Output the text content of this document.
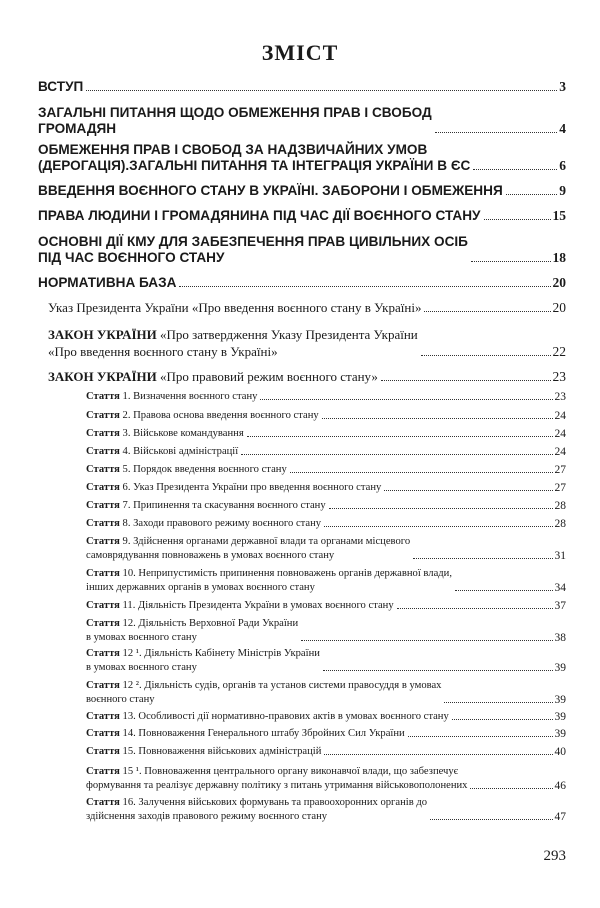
ЗМІСТ
ВСТУП	3
ЗАГАЛЬНІ ПИТАННЯ ЩОДО ОБМЕЖЕННЯ ПРАВ І СВОБОД
ГРОМАДЯН	4
ОБМЕЖЕННЯ ПРАВ І СВОБОД ЗА НАДЗВИЧАЙНИХ УМОВ
(ДЕРОГАЦІЯ).ЗАГАЛЬНІ ПИТАННЯ ТА ІНТЕГРАЦІЯ УКРАЇНИ В ЄС	6
ВВЕДЕННЯ ВОЄННОГО СТАНУ В УКРАЇНІ. ЗАБОРОНИ І ОБМЕЖЕННЯ	9
ПРАВА ЛЮДИНИ І ГРОМАДЯНИНА ПІД ЧАС ДІЇ ВОЄННОГО СТАНУ	15
ОСНОВНІ ДІЇ КМУ ДЛЯ ЗАБЕЗПЕЧЕННЯ ПРАВ ЦИВІЛЬНИХ ОСІБ
ПІД ЧАС ВОЄННОГО СТАНУ	18
НОРМАТИВНА БАЗА	20
Указ Президента України «Про введення воєнного стану в Україні»	20
ЗАКОН УКРАЇНИ «Про затвердження Указу Президента України
«Про введення воєнного стану в Україні»	22
ЗАКОН УКРАЇНИ «Про правовий режим воєнного стану»	23
Стаття 1. Визначення воєнного стану	23
Стаття 2. Правова основа введення воєнного стану	24
Стаття 3. Військове командування	24
Стаття 4. Військові адміністрації	24
Стаття 5. Порядок введення воєнного стану	27
Стаття 6. Указ Президента України про введення воєнного стану	27
Стаття 7. Припинення та скасування воєнного стану	28
Стаття 8. Заходи правового режиму воєнного стану	28
Стаття 9. Здійснення органами державної влади та органами місцевого
самоврядування повноважень в умовах воєнного стану	31
Стаття 10. Неприпустимість припинення повноважень органів державної влади,
інших державних органів в умовах воєнного стану	34
Стаття 11. Діяльність Президента України в умовах воєнного стану	37
Стаття 12. Діяльність Верховної Ради України
в умовах воєнного стану	38
Стаття 12 ¹. Діяльність Кабінету Міністрів України
в умовах воєнного стану	39
Стаття 12 ². Діяльність судів, органів та установ системи правосуддя в умовах
воєнного стану	39
Стаття 13. Особливості дії нормативно-правових актів в умовах воєнного стану	39
Стаття 14. Повноваження Генерального штабу Збройних Сил України	39
Стаття 15. Повноваження військових адміністрацій	40
Стаття 15 ¹. Повноваження центрального органу виконавчої влади, що забезпечує
формування та реалізує державну політику з питань утримання військовополонених	46
Стаття 16. Залучення військових формувань та правоохоронних органів до
здійснення заходів правового режиму воєнного стану	47
293
